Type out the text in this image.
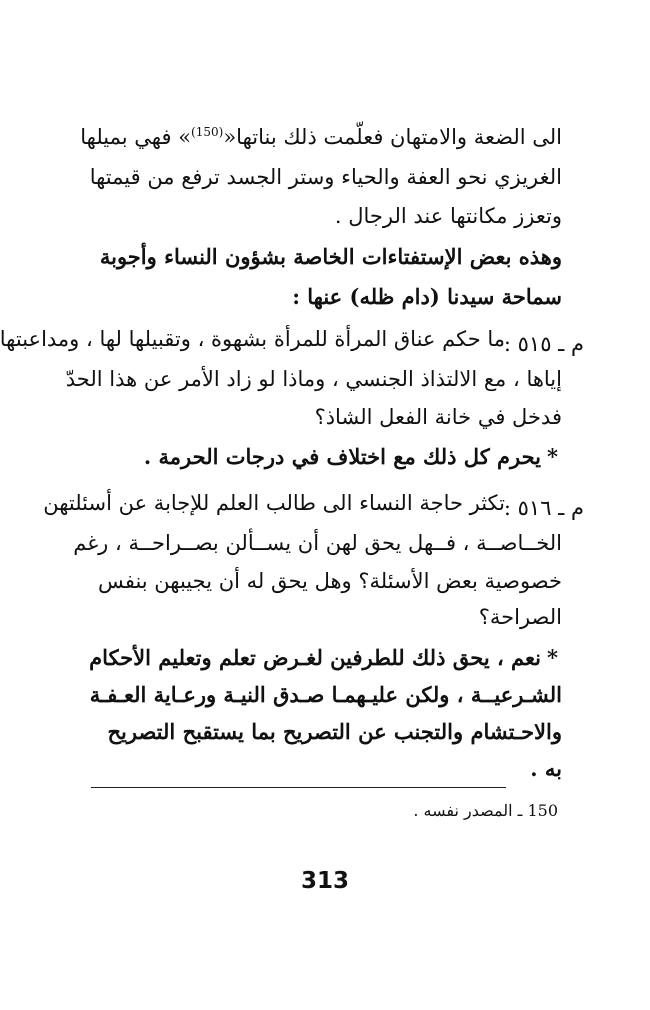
الى الضعة والامتهان فعلّمت ذلك بناتها«$^{(150)}$» فهي بميلها
الغريزي نحو العفة والحياء وستر الجسد ترفع من قيمتها
وتعزز مكانتها عند الرجال .
وهذه بعض الإستفتاءات الخاصة بشؤون النساء وأجوبة
سماحة سيدنا (دام ظله) عنها :
م ـ ٥١٥ :
ما حكم عناق المرأة للمرأة بشهوة ، وتقبيلها لها ، ومداعبتها
إياها ، مع الالتذاذ الجنسي ، وماذا لو زاد الأمر عن هذا الحدّ
فدخل في خانة الفعل الشاذ؟
*يحرم كل ذلك مع اختلاف في درجات الحرمة .
م ـ ٥١٦ :
تكثر حاجة النساء الى طالب العلم للإجابة عن أسئلتهن
الخــاصــة ، فــهل يحق لهن أن يســألن بصــراحــة ، رغم
خصوصية بعض الأسئلة؟ وهل يحق له أن يجيبهن بنفس
الصراحة؟
*نعم ، يحق ذلك للطرفين لغـرض تعلم وتعليم الأحكام
الشـرعيــة ، ولكن عليـهمـا صـدق النيـة ورعـاية العـفـة
والاحـتشام والتجنب عن التصريح بما يستقبح التصريح
به .
150 ـ المصدر نفسه .
313
